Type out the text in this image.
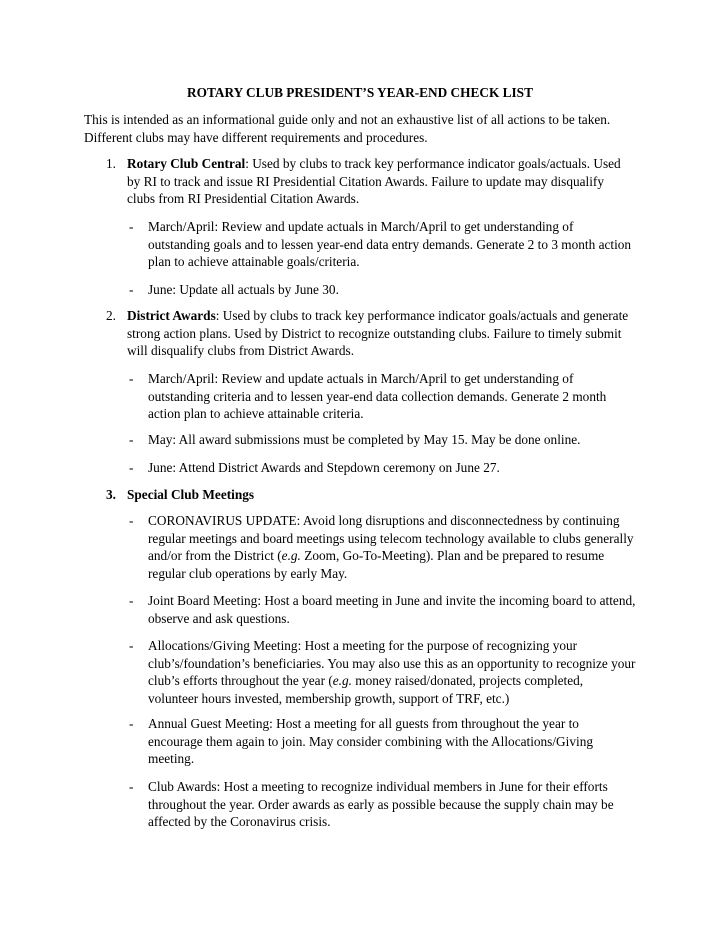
ROTARY CLUB PRESIDENT’S YEAR-END CHECK LIST
This is intended as an informational guide only and not an exhaustive list of all actions to be taken. Different clubs may have different requirements and procedures.
1. Rotary Club Central: Used by clubs to track key performance indicator goals/actuals. Used by RI to track and issue RI Presidential Citation Awards. Failure to update may disqualify clubs from RI Presidential Citation Awards.
- March/April: Review and update actuals in March/April to get understanding of outstanding goals and to lessen year-end data entry demands. Generate 2 to 3 month action plan to achieve attainable goals/criteria.
- June: Update all actuals by June 30.
2. District Awards: Used by clubs to track key performance indicator goals/actuals and generate strong action plans. Used by District to recognize outstanding clubs. Failure to timely submit will disqualify clubs from District Awards.
- March/April: Review and update actuals in March/April to get understanding of outstanding criteria and to lessen year-end data collection demands. Generate 2 month action plan to achieve attainable criteria.
- May: All award submissions must be completed by May 15. May be done online.
- June: Attend District Awards and Stepdown ceremony on June 27.
3. Special Club Meetings
- CORONAVIRUS UPDATE: Avoid long disruptions and disconnectedness by continuing regular meetings and board meetings using telecom technology available to clubs generally and/or from the District (e.g. Zoom, Go-To-Meeting). Plan and be prepared to resume regular club operations by early May.
- Joint Board Meeting: Host a board meeting in June and invite the incoming board to attend, observe and ask questions.
- Allocations/Giving Meeting: Host a meeting for the purpose of recognizing your club’s/foundation’s beneficiaries. You may also use this as an opportunity to recognize your club’s efforts throughout the year (e.g. money raised/donated, projects completed, volunteer hours invested, membership growth, support of TRF, etc.)
- Annual Guest Meeting: Host a meeting for all guests from throughout the year to encourage them again to join. May consider combining with the Allocations/Giving meeting.
- Club Awards: Host a meeting to recognize individual members in June for their efforts throughout the year. Order awards as early as possible because the supply chain may be affected by the Coronavirus crisis.
